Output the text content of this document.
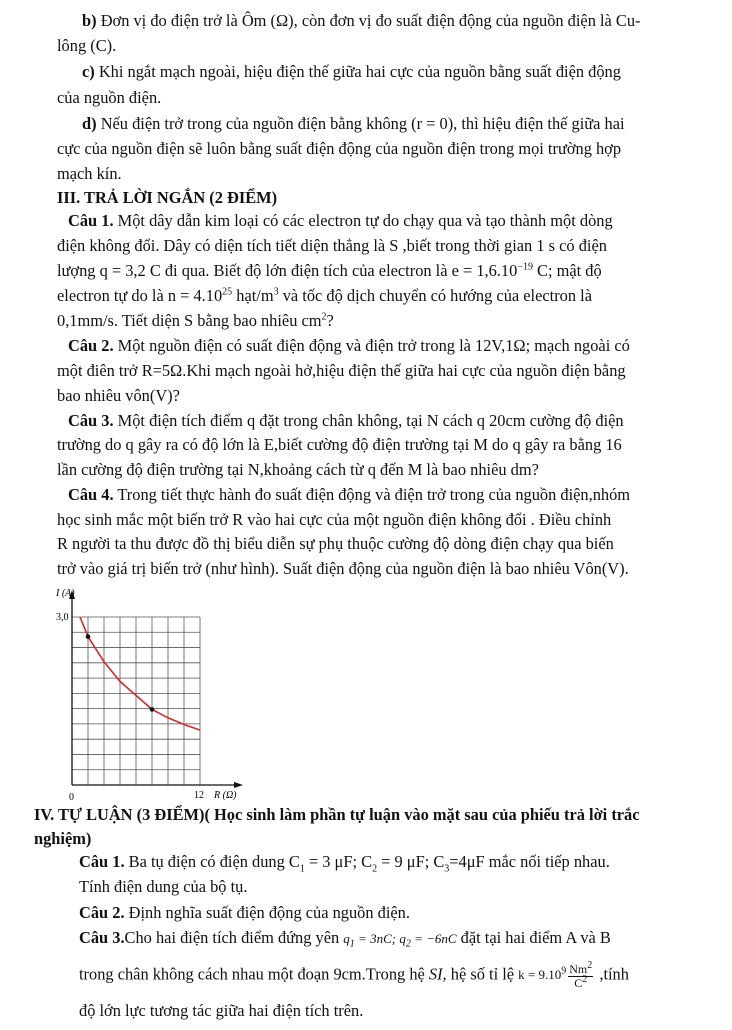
b) Đơn vị đo điện trở là Ôm (Ω), còn đơn vị đo suất điện động của nguồn điện là Cu-
lông (C).
c) Khi ngắt mạch ngoài, hiệu điện thế giữa hai cực của nguồn bằng suất điện động
của nguồn điện.
d) Nếu điện trở trong của nguồn điện bằng không (r = 0), thì hiệu điện thế giữa hai
cực của nguồn điện sẽ luôn bằng suất điện động của nguồn điện trong mọi trường hợp
mạch kín.
III. TRẢ LỜI NGẮN (2 ĐIỂM)
Câu 1. Một dây dẫn kim loại có các electron tự do chạy qua và tạo thành một dòng
điện không đổi. Dây có diện tích tiết diện thẳng là S ,biết trong thời gian 1 s có điện
lượng q = 3,2 C đi qua. Biết độ lớn điện tích của electron là $e = 1,6.10^{-19}$ C; mật độ
electron tự do là $n = 4.10^{25}$ hạt/$m^3$ và tốc độ dịch chuyển có hướng của electron là
0,1mm/s. Tiết diện S bằng bao nhiêu $cm^2$?
Câu 2. Một nguồn điện có suất điện động và điện trở trong là 12V,1Ω; mạch ngoài có
một điên trở R=5Ω.Khi mạch ngoài hở,hiệu điện thế giữa hai cực của nguồn điện bằng
bao nhiêu vôn(V)?
Câu 3. Một điện tích điểm q đặt trong chân không, tại N cách q 20cm cường độ điện
trường do q gây ra có độ lớn là E,biết cường độ điện trường tại M do q gây ra bằng 16
lần cường độ điện trường tại N,khoảng cách từ q đến M là bao nhiêu dm?
Câu 4. Trong tiết thực hành đo suất điện động và điện trở trong của nguồn điện,nhóm
học sinh mắc một biến trở R vào hai cực của một nguồn điện không đổi . Điều chỉnh
R người ta thu được đồ thị biểu diễn sự phụ thuộc cường độ dòng điện chạy qua biến
trở vào giá trị biến trở (như hình). Suất điện động của nguồn điện là bao nhiêu Vôn(V).
I (A)
R (Ω)
3,0
12
0
IV. TỰ LUẬN (3 ĐIỂM)( Học sinh làm phần tự luận vào mặt sau của phiếu trả lời trắc
nghiệm)
Câu 1. Ba tụ điện có điện dung $C_1 = 3$ μF; $C_2 = 9$ μF; $C_3=4\mu F$ mắc nối tiếp nhau.
Tính điện dung của bộ tụ.
Câu 2. Định nghĩa suất điện động của nguồn điện.
Câu 3.Cho hai điện tích điểm đứng yên $q_1 = 3nC$; $q_2 = -6nC$ đặt tại hai điểm A và B
trong chân không cách nhau một đoạn 9cm.Trong hệ SI, hệ số tỉ lệ $k = 9.10^9 \frac{Nm^2}{C^2}$ ,tính
độ lớn lực tương tác giữa hai điện tích trên.
